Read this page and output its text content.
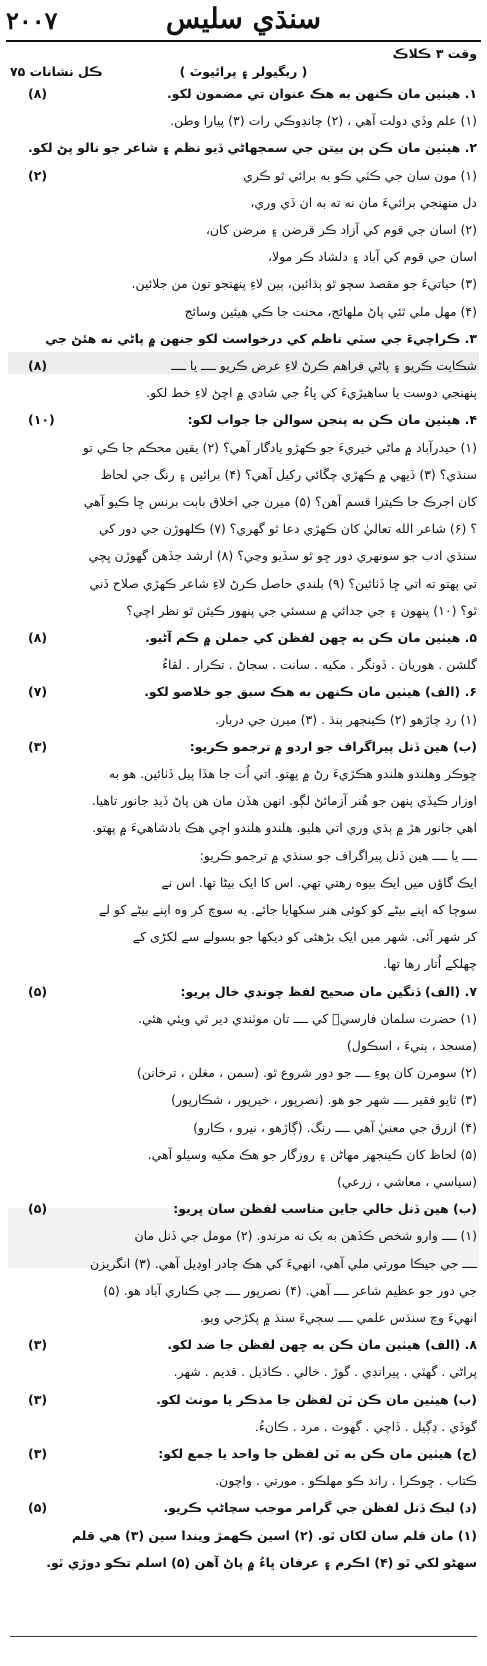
۲۰۰۷	سنڌي سليس
وقت ۳ ڪلاڪ
( ريگيولر ۽ پرائيوٽ )
ڪل نشانات ۷۵
۱. هيٺين مان ڪنهن به هڪ عنوان تي مضمون لکو.
(۸)
(۱) علم وڏي دولت آهي ، (۲) چانڊوڪي رات (۳) پيارا وطن.
۲. هيٺين مان ڪن ٻن بيتن جي سمجهاڻي ڏيو نظم ۽ شاعر جو نالو پڻ لکو.
(۱) مون سان جي ڪٽي ڪو به برائي ٿو ڪري
(۲)
دل منهنجي برائيءَ مان نه ته به ان ڏي وري،
(۲) اسان جي قوم کي آزاد ڪر قرضن ۽ مرضن کان،
اسان جي قوم کي آباد ۽ دلشاد ڪر مولا،
(۳) حياتيءَ جو مقصد سچو ٿو ٻڌائين، ٻين لاءِ پنهنجو تون من جلائين.
(۴) مهل ملي ٿئي پاڻ ملهائج، محنت جا ڪي هيئين وسائج
۳. ڪراچيءَ جي سٽي ناظم کي درخواست لکو جنهن ۾ پاڻي نه هئڻ جي
شڪايت ڪريو ۽ پاڻي فراهم ڪرڻ لاءِ عرض ڪريو ــــ يا ــــ
(۸)
پنهنجي دوست يا ساهيڙيءَ کي ڀاءُ جي شادي ۾ اچڻ لاءِ خط لکو.
۴. هيٺين مان ڪن به پنجن سوالن جا جواب لکو:
(۱۰)
(۱) حيدرآباد ۾ ماڻي خيريءَ جو ڪهڙو يادگار آهي؟ (۲) يقين محڪم جا ڪي تو
سنڌي؟ (۳) ڏيهي ۾ ڪهڙي چڱائي رکيل آهي؟ (۴) برائين ۽ رنگ جي لحاظ
کان اجرڪ جا ڪيترا قسم آهن؟ (۵) ميرن جي اخلاق بابت برنس ڇا ڪيو آهي
؟ (۶) شاعر الله تعاليٰ کان ڪهڙي دعا ٿو گهري؟ (۷) ڪلهوڙن جي دور کي
سنڌي ادب جو سونهري دور ڇو ٿو سڏيو وڃي؟ (۸) ارشد جڏهن گهوڙن ڀچي
تي پهتو ته اتي ڇا ڏٺائين؟ (۹) بلندي حاصل ڪرڻ لاءِ شاعر ڪهڙي صلاح ڏني
ٿو؟ (۱۰) پنهون ۽ جي جدائي ۾ سسئي جي پنهور ڪيئن ٿو نظر اچي؟
۵. هيٺين مان ڪن به ڇهن لفظن کي جملن ۾ ڪم آڻيو.
(۸)
گلشن . هوريان . ڏونگر . مکيه . سانت . سجاڻ . تڪرار . لقاءُ
۶. (الف) هيٺين مان ڪنهن به هڪ سبق جو خلاصو لکو.
(۷)
(۱) رڍ چاڙهو (۲) ڪينجهر ٻنڌ . (۳) ميرن جي دربار.
(ب) هين ڏنل پيراگراف جو اردو ۾ ترجمو ڪريو:
(۳)
ڇوڪر وهلندو هلندو هڪڙيءَ رڻ ۾ پهتو. اتي اُت جا هڏا پيل ڏٺائين. هو به
اوزار ڪيڏي پنهن جو هُنر آزمائڻ لڳو. انهن هڏن مان هن پاڻ ڏيڊ جانور تاهيا.
اهي جانور هڙ ۾ ٻڌي وري اتي هليو. هلندو هلندو اچي هڪ بادشاهيءَ ۾ پهتو.
ــــ يا ــــ هين ڏنل پيراگراف جو سنڌي ۾ ترجمو ڪريو:
ايڪ گاؤں ميں ايڪ بيوه رهتي تهي. اس کا ايک بيٹا تها. اس نے
سوچا که اپنے بيٹے کو کوئی هنر سکهايا جائے. يه سوچ کر وه اپنے بيٹے کو لے
کر شهر آئی. شهر ميں ايک بڑهئی کو ديکها جو بسولے سے لکڑی کے
چهلکے اُتار رها تها.
۷. (الف) ڏنگين مان صحيح لفظ چونڊي خال پريو:
(۵)
(۱) حضرت سلمان فارسيؓ کي ــــ تان موٽندي دير ٿي ويئي هئي.
(مسجد ، ٻنيءَ ، اسڪول)
(۲) سومرن کان پوءِ ــــ جو دور شروع ٿو. (سمن ، مغلن ، ترخانن)
(۳) ٿايو فقير ــــ شهر جو هو. (نصرپور ، خيرپور ، شڪارپور)
(۴) ازرق جي معنيٰ آهي ــــ رنگ. (ڳاڙهو ، نيرو ، ڪارو)
(۵) لحاظ کان ڪينجهر مهاڻن ۽ روزگار جو هڪ مکيه وسيلو آهي.
(سياسي ، معاشي ، زرعي)
(ب) هين ڏنل خالي جاين مناسب لفظن سان ڀريو:
(۵)
(۱) ــــ وارو شخص ڪڏهن به بک نه مرندو. (۲) مومل جي ڏنل مان
ــــ جي جيڪا مورتي ملي آهي، انهيءَ کي هڪ چادر اوڍيل آهي. (۳) انگريزن
جي دور جو عظيم شاعر ــــ آهي. (۴) نصرپور ــــ جي ڪناري آباد هو. (۵)
انهيءَ وچ سنڌس علمي ــــ سڄيءَ سنڌ ۾ پکڙجي ويو.
۸. (الف) هيٺين مان ڪن به ڇهن لفظن جا ضد لکو.
(۳)
پراڻي . گهٽي . پيرانڊي . گوڙ . خالي . ڪاڌيل . قديم . شهر.
(ب) هيٺين مان ڪن ٽن لفظن جا مذڪر يا مونث لکو.
(۳)
گوڏي . ڍڳيل . ڏاچي . گهوٽ . مرد . ڪانءُ.
(ج) هيٺين مان ڪن به ٽن لفظن جا واحد يا جمع لکو:
(۳)
ڪتاب . ڇوڪرا . راند ڪو مهلڪو . مورتي . واچون.
(د) ليڪ ڏنل لفظن جي گرامر موجب سڃاڻپ ڪريو.
(۵)
(۱) مان قلم سان لکان ٿو. (۲) اسين ڪهمڙ ويندا سين (۳) هي قلم
سهڻو لکي ٿو (۴) اڪرم ۽ عرفان ڀاءُ ۾ پاڻ آهن (۵) اسلم تڪو دوڙي ٿو.
